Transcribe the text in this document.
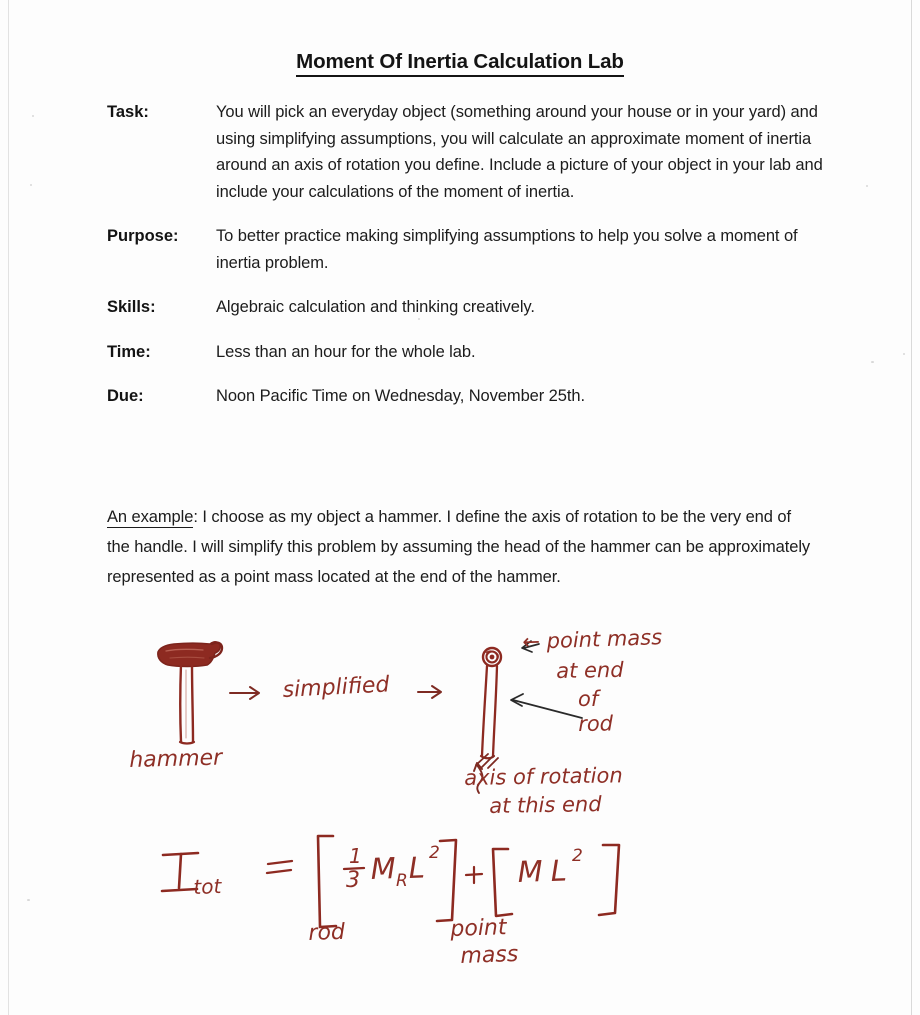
Moment Of Inertia Calculation Lab
Task:	You will pick an everyday object (something around your house or in your yard) and using simplifying assumptions, you will calculate an approximate moment of inertia around an axis of rotation you define. Include a picture of your object in your lab and include your calculations of the moment of inertia.
Purpose:	To better practice making simplifying assumptions to help you solve a moment of inertia problem.
Skills:	Algebraic calculation and thinking creatively.
Time:	Less than an hour for the whole lab.
Due:	Noon Pacific Time on Wednesday, November 25th.
An example: I choose as my object a hammer. I define the axis of rotation to be the very end of the handle. I will simplify this problem by assuming the head of the hammer can be approximately represented as a point mass located at the end of the hammer.
hammer
simplified
← point mass
at end
of
rod
axis of rotation
at this end
tot
1
3 M R L 2
M L 2
rod	point
mass
